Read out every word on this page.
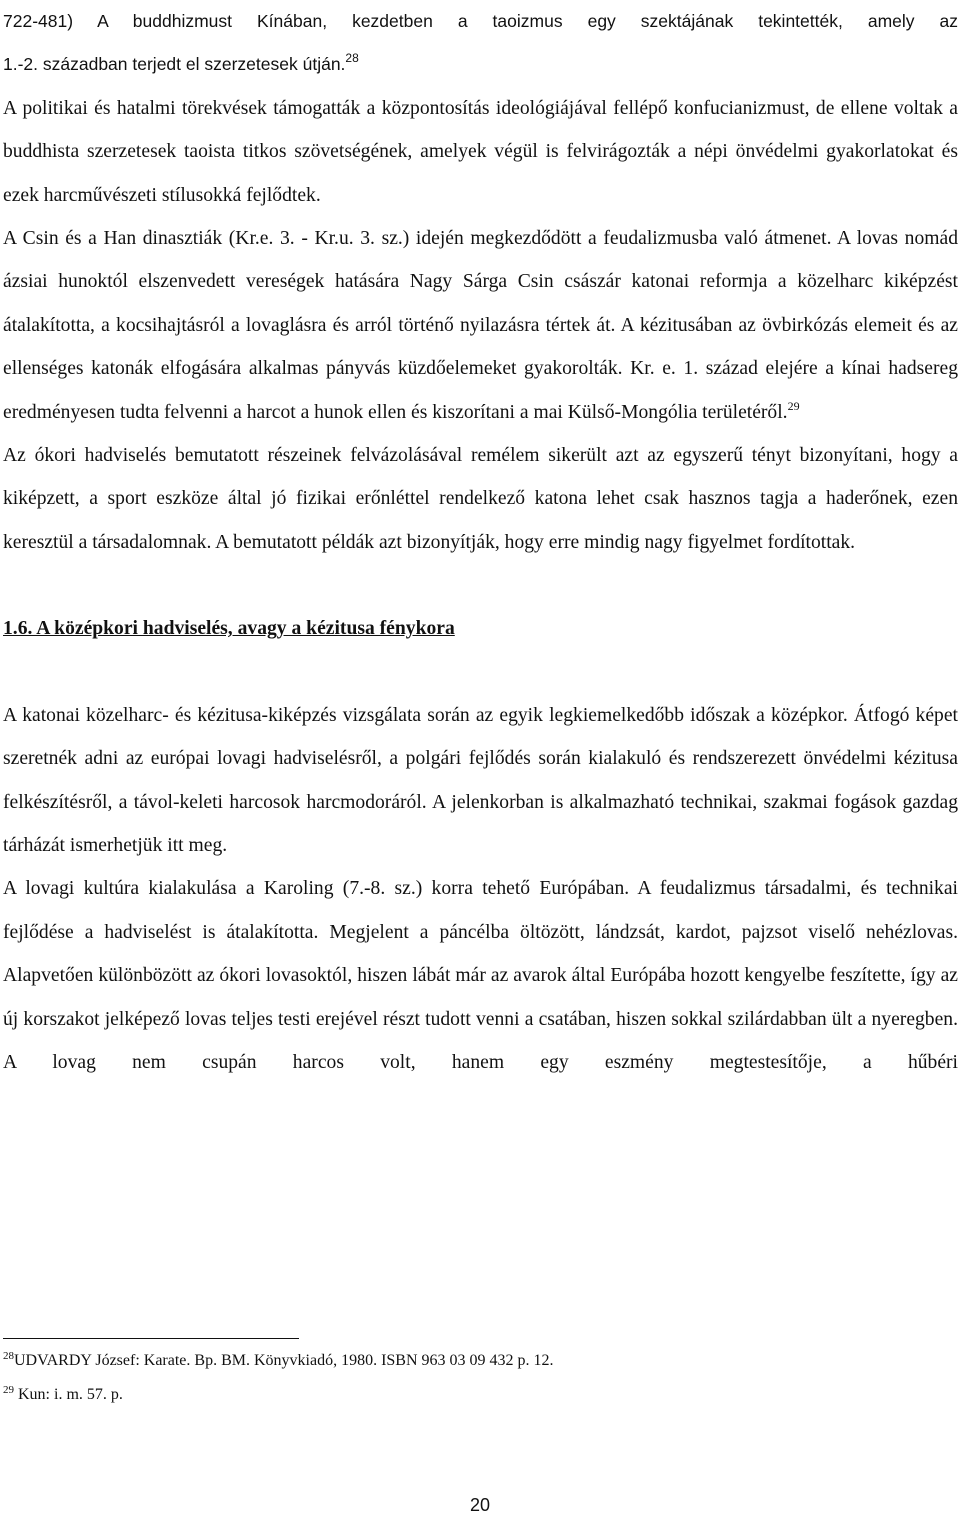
722-481) A buddhizmust Kínában, kezdetben a taoizmus egy szektájának tekintették, amely az

1.-2. században terjedt el szerzetesek útján.$^{28}$

A politikai és hatalmi törekvések támogatták a központosítás ideológiájával fellépő konfucianizmust, de ellene voltak a buddhista szerzetesek taoista titkos szövetségének, amelyek végül is felvirágozták a népi önvédelmi gyakorlatokat és ezek harcművészeti stílusokká fejlődtek.

A Csin és a Han dinasztiák (Kr.e. 3. - Kr.u. 3. sz.) idején megkezdődött a feudalizmusba való átmenet. A lovas nomád ázsiai hunoktól elszenvedett vereségek hatására Nagy Sárga Csin császár katonai reformja a közelharc kiképzést átalakította, a kocsihajtásról a lovaglásra és arról történő nyilazásra tértek át. A kézitusában az övbirkózás elemeit és az ellenséges katonák elfogására alkalmas pányvás küzdőelemeket gyakorolták. Kr. e. 1. század elejére a kínai hadsereg eredményesen tudta felvenni a harcot a hunok ellen és kiszorítani a mai Külső-Mongólia területéről.$^{29}$

Az ókori hadviselés bemutatott részeinek felvázolásával remélem sikerült azt az egyszerű tényt bizonyítani, hogy a kiképzett, a sport eszköze által jó fizikai erőnléttel rendelkező katona lehet csak hasznos tagja a haderőnek, ezen keresztül a társadalomnak. A bemutatott példák azt bizonyítják, hogy erre mindig nagy figyelmet fordítottak.

1.6. A középkori hadviselés, avagy a kézitusa fénykora

A katonai közelharc- és kézitusa-kiképzés vizsgálata során az egyik legkiemelkedőbb időszak a középkor. Átfogó képet szeretnék adni az európai lovagi hadviselésről, a polgári fejlődés során kialakuló és rendszerezett önvédelmi kézitusa felkészítésről, a távol-keleti harcosok harcmodoráról. A jelenkorban is alkalmazható technikai, szakmai fogások gazdag tárházát ismerhetjük itt meg.

A lovagi kultúra kialakulása a Karoling (7.-8. sz.) korra tehető Európában. A feudalizmus társadalmi, és technikai fejlődése a hadviselést is átalakította. Megjelent a páncélba öltözött, lándzsát, kardot, pajzsot viselő nehézlovas. Alapvetően különbözött az ókori lovasoktól, hiszen lábát már az avarok által Európába hozott kengyelbe feszítette, így az új korszakot jelképező lovas teljes testi erejével részt tudott venni a csatában, hiszen sokkal szilárdabban ült a nyeregben. A lovag nem csupán harcos volt, hanem egy eszmény megtestesítője, a hűbéri

$^{28}$UDVARDY József: Karate. Bp. BM. Könyvkiadó, 1980. ISBN 963 03 09 432 p. 12.

$^{29}$ Kun: i. m. 57. p.

20
